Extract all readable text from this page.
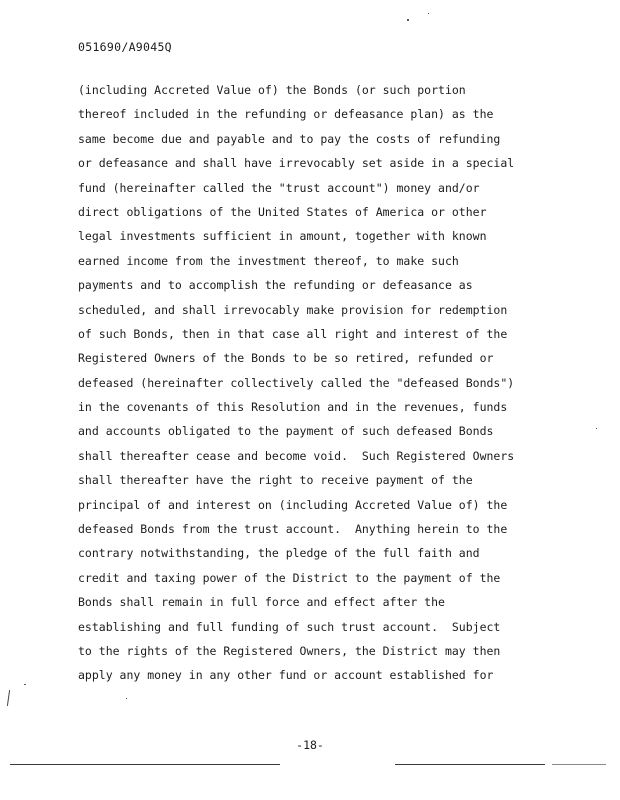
051690/A9045Q
(including Accreted Value of) the Bonds (or such portion
thereof included in the refunding or defeasance plan) as the
same become due and payable and to pay the costs of refunding
or defeasance and shall have irrevocably set aside in a special
fund (hereinafter called the "trust account") money and/or
direct obligations of the United States of America or other
legal investments sufficient in amount, together with known
earned income from the investment thereof, to make such
payments and to accomplish the refunding or defeasance as
scheduled, and shall irrevocably make provision for redemption
of such Bonds, then in that case all right and interest of the
Registered Owners of the Bonds to be so retired, refunded or
defeased (hereinafter collectively called the "defeased Bonds")
in the covenants of this Resolution and in the revenues, funds
and accounts obligated to the payment of such defeased Bonds
shall thereafter cease and become void.  Such Registered Owners
shall thereafter have the right to receive payment of the
principal of and interest on (including Accreted Value of) the
defeased Bonds from the trust account.  Anything herein to the
contrary notwithstanding, the pledge of the full faith and
credit and taxing power of the District to the payment of the
Bonds shall remain in full force and effect after the
establishing and full funding of such trust account.  Subject
to the rights of the Registered Owners, the District may then
apply any money in any other fund or account established for
-18-
